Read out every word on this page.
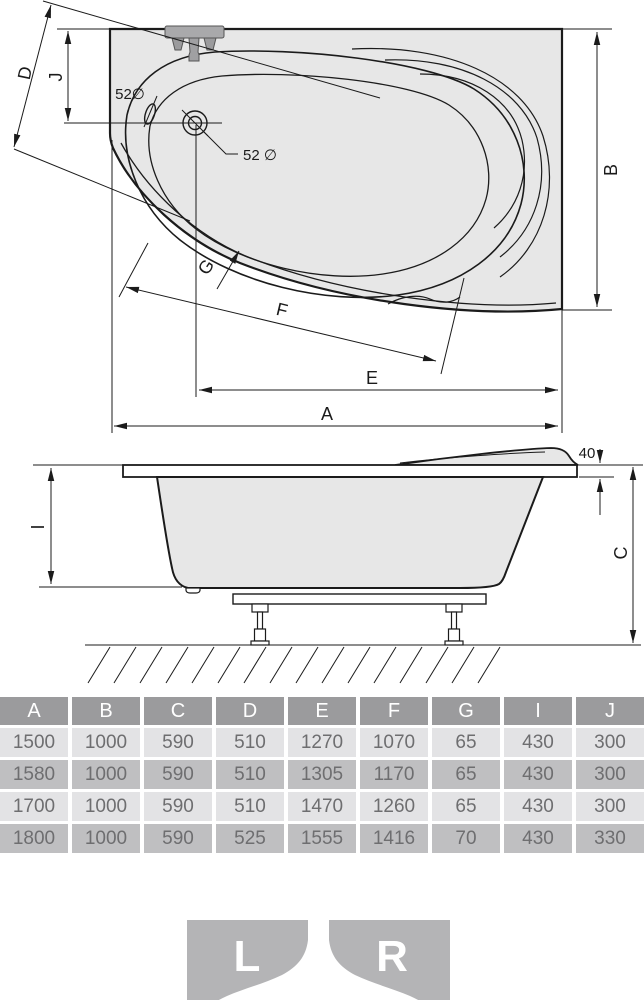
J
D
B
E
A
F
G
52∅
52 ∅
I
C
40
L	R
A	B	C	D	E	F	G	I	J
1500	1000	590	510	1270	1070	65	430	300
1580	1000	590	510	1305	1170	65	430	300
1700	1000	590	510	1470	1260	65	430	300
1800	1000	590	525	1555	1416	70	430	330
